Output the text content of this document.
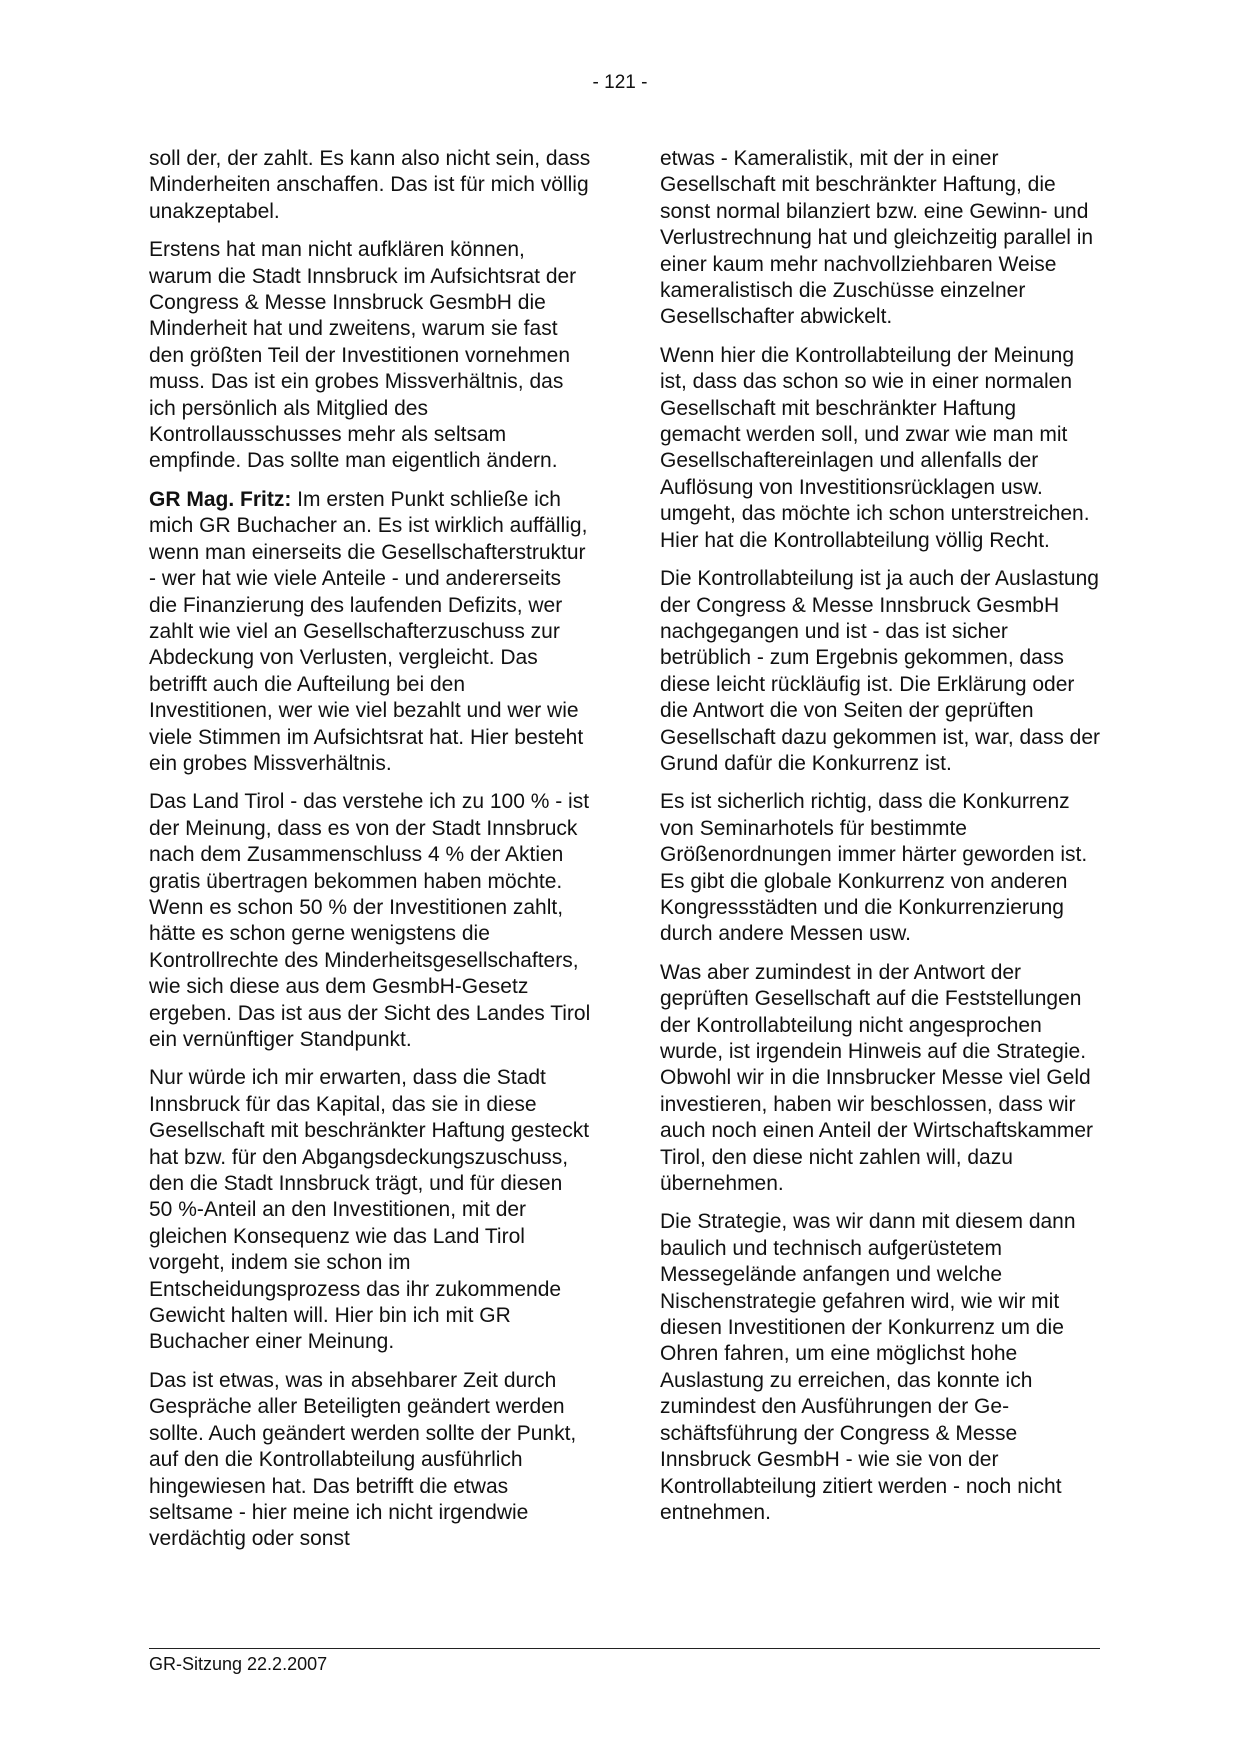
- 121 -

soll der, der zahlt. Es kann also nicht sein, dass Minderheiten anschaffen. Das ist für mich völlig unakzeptabel.

Erstens hat man nicht aufklären können, warum die Stadt Innsbruck im Aufsichtsrat der Congress & Messe Innsbruck GesmbH die Minderheit hat und zweitens, warum sie fast den größten Teil der Investitionen vornehmen muss. Das ist ein grobes Missverhältnis, das ich persönlich als Mitglied des Kontrollausschusses mehr als seltsam empfinde. Das sollte man eigentlich ändern.

GR Mag. Fritz: Im ersten Punkt schließe ich mich GR Buchacher an. Es ist wirklich auffällig, wenn man einerseits die Gesellschafterstruktur - wer hat wie viele Anteile - und andererseits die Finanzierung des laufenden Defizits, wer zahlt wie viel an Gesellschafterzuschuss zur Abdeckung von Verlusten, vergleicht. Das betrifft auch die Aufteilung bei den Investitionen, wer wie viel bezahlt und wer wie viele Stimmen im Aufsichtsrat hat. Hier besteht ein grobes Missverhältnis.

Das Land Tirol - das verstehe ich zu 100 % - ist der Meinung, dass es von der Stadt Innsbruck nach dem Zusammenschluss 4 % der Aktien gratis übertragen bekommen haben möchte. Wenn es schon 50 % der Investitionen zahlt, hätte es schon gerne wenigstens die Kontrollrechte des Minderheitsgesellschafters, wie sich diese aus dem GesmbH-Gesetz ergeben. Das ist aus der Sicht des Landes Tirol ein vernünftiger Standpunkt.

Nur würde ich mir erwarten, dass die Stadt Innsbruck für das Kapital, das sie in diese Gesellschaft mit beschränkter Haftung gesteckt hat bzw. für den Abgangsdeckungszuschuss, den die Stadt Innsbruck trägt, und für diesen 50 %-Anteil an den Investitionen, mit der gleichen Konsequenz wie das Land Tirol vorgeht, indem sie schon im Entscheidungsprozess das ihr zukommende Gewicht halten will. Hier bin ich mit GR Buchacher einer Meinung.

Das ist etwas, was in absehbarer Zeit durch Gespräche aller Beteiligten geändert werden sollte. Auch geändert werden sollte der Punkt, auf den die Kontrollabteilung ausführlich hingewiesen hat. Das betrifft die etwas seltsame - hier meine ich nicht irgendwie verdächtig oder sonst

etwas - Kameralistik, mit der in einer Gesellschaft mit beschränkter Haftung, die sonst normal bilanziert bzw. eine Gewinn- und Verlustrechnung hat und gleichzeitig parallel in einer kaum mehr nachvollziehbaren Weise kameralistisch die Zuschüsse einzelner Gesellschafter abwickelt.

Wenn hier die Kontrollabteilung der Meinung ist, dass das schon so wie in einer normalen Gesellschaft mit beschränkter Haftung gemacht werden soll, und zwar wie man mit Gesellschaftereinlagen und allenfalls der Auflösung von Investitionsrücklagen usw. umgeht, das möchte ich schon unterstreichen. Hier hat die Kontrollabteilung völlig Recht.

Die Kontrollabteilung ist ja auch der Auslastung der Congress & Messe Innsbruck GesmbH nachgegangen und ist - das ist sicher betrüblich - zum Ergebnis gekommen, dass diese leicht rückläufig ist. Die Erklärung oder die Antwort die von Seiten der geprüften Gesellschaft dazu gekommen ist, war, dass der Grund dafür die Konkurrenz ist.

Es ist sicherlich richtig, dass die Konkurrenz von Seminarhotels für bestimmte Größenordnungen immer härter geworden ist. Es gibt die globale Konkurrenz von anderen Kongressstädten und die Konkurrenzierung durch andere Messen usw.

Was aber zumindest in der Antwort der geprüften Gesellschaft auf die Feststellungen der Kontrollabteilung nicht angesprochen wurde, ist irgendein Hinweis auf die Strategie. Obwohl wir in die Innsbrucker Messe viel Geld investieren, haben wir beschlossen, dass wir auch noch einen Anteil der Wirtschaftskammer Tirol, den diese nicht zahlen will, dazu übernehmen.

Die Strategie, was wir dann mit diesem dann baulich und technisch aufgerüstetem Messegelände anfangen und welche Nischenstrategie gefahren wird, wie wir mit diesen Investitionen der Konkurrenz um die Ohren fahren, um eine möglichst hohe Auslastung zu erreichen, das konnte ich zumindest den Ausführungen der Geschäftsführung der Congress & Messe Innsbruck GesmbH - wie sie von der Kontrollabteilung zitiert werden - noch nicht entnehmen.

GR-Sitzung 22.2.2007
